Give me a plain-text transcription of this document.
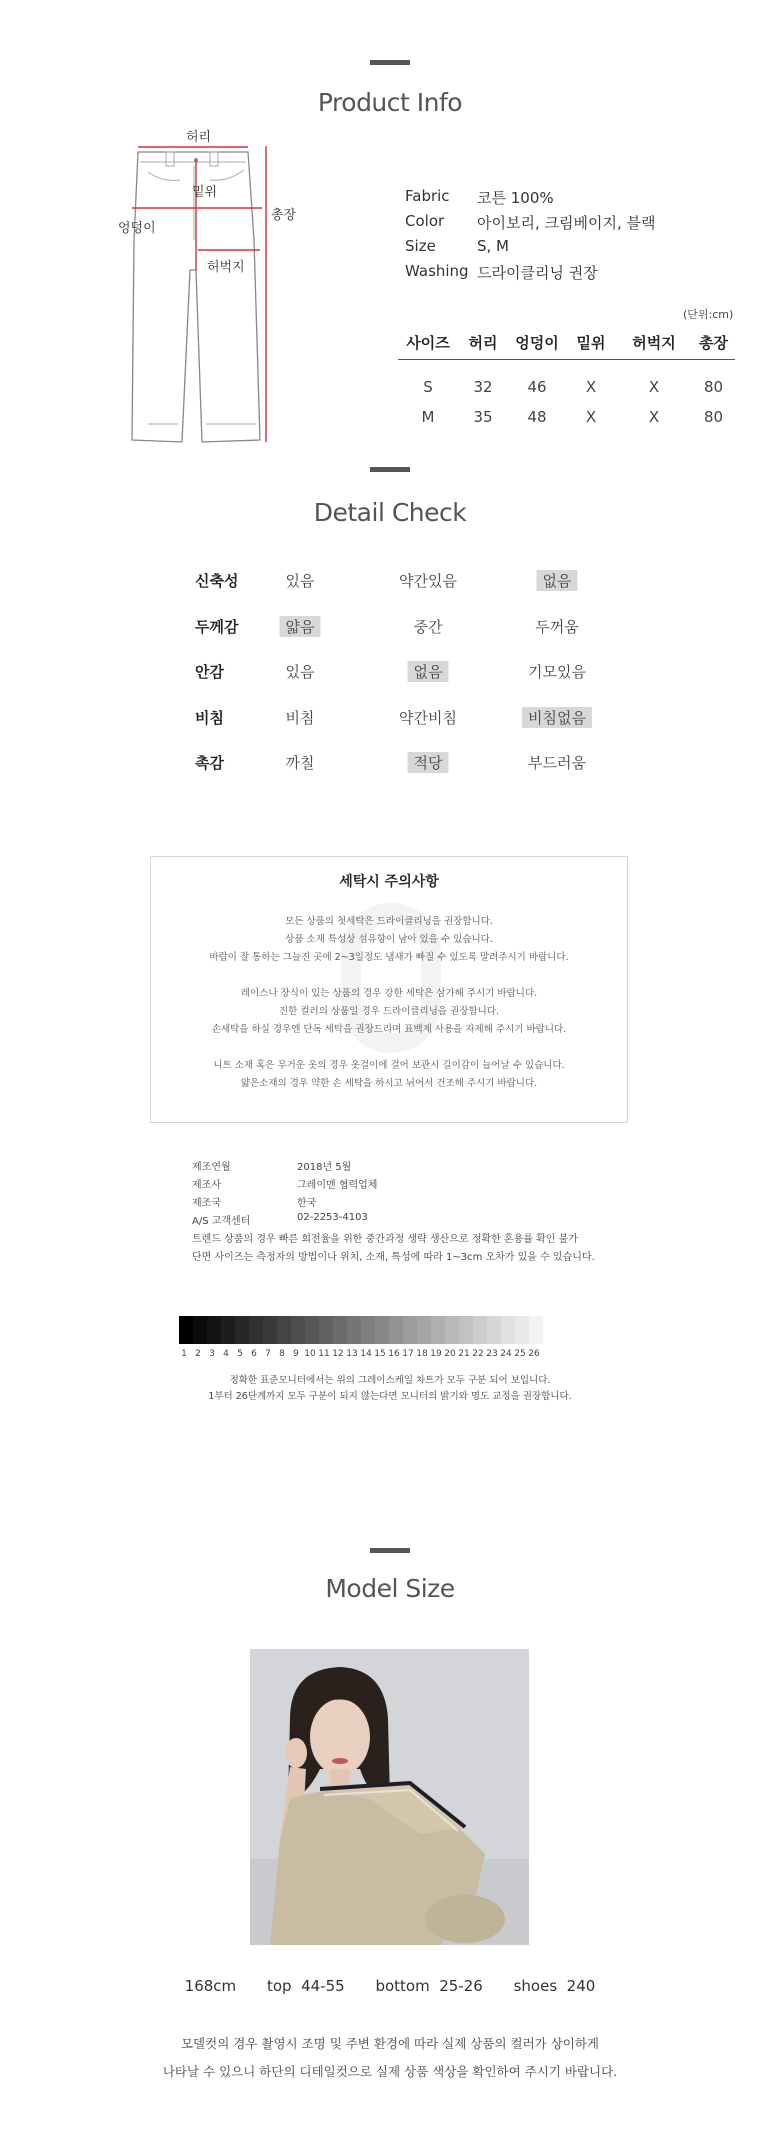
Product Info
허리
밑위
엉덩이
허벅지
총장
Fabric	코튼 100%
Color	아이보리, 크림베이지, 블랙
Size	S, M
Washing 드라이클리닝 권장
(단위:cm)
사이즈	허리	엉덩이	밑위	허벅지	총장
S	32	46	X	X	80
M	35	48	X	X	80
Detail Check
신축성	있음	약간있음	없음
두께감	얇음	중간	두꺼움
안감	있음	없음	기모있음
비침	비침	약간비침	비침없음
촉감	까칠	적당	부드러움
세탁시 주의사항
모든 상품의 첫세탁은 드라이클리닝을 권장합니다.
상품 소재 특성상 섬유향이 남아 있을 수 있습니다.
바람이 잘 통하는 그늘진 곳에 2~3일정도 냄새가 빠질 수 있도록 말려주시기 바랍니다.
레이스나 장식이 있는 상품의 경우 강한 세탁은 삼가해 주시기 바랍니다.
진한 컬러의 상품일 경우 드라이클리닝을 권장합니다.
손세탁을 하실 경우엔 단독 세탁을 권장드리며 표백제 사용을 자제해 주시기 바랍니다.
니트 소재 혹은 무거운 옷의 경우 옷걸이에 걸어 보관시 길이감이 늘어날 수 있습니다.
얇은소재의 경우 약한 손 세탁을 하시고 뉘어서 건조해 주시기 바랍니다.
제조연월	2018년 5월
제조사	그레이맨 협력업체
제조국	한국
A/S 고객센터	02-2253-4103
트렌드 상품의 경우 빠른 회전율을 위한 중간과정 생략 생산으로 정확한 혼용률 확인 불가
단면 사이즈는 측정자의 방법이나 위치, 소재, 특성에 따라 1~3cm 오차가 있을 수 있습니다.
1 2 3 4 5 6 7 8 9 10 11 12 13 14 15 16 17 18 19 20 21 22 23 24 25 26
정확한 표준모니터에서는 위의 그레이스케일 차트가 모두 구분 되어 보입니다.
1부터 26단계까지 모두 구분이 되지 않는다면 모니터의 밝기와 명도 교정을 권장합니다.
Model Size
168cm top  44-55 bottom  25-26 shoes  240
모델컷의 경우 촬영시 조명 및 주변 환경에 따라 실제 상품의 컬러가 상이하게
나타날 수 있으니 하단의 디테일컷으로 실제 상품 색상을 확인하여 주시기 바랍니다.
